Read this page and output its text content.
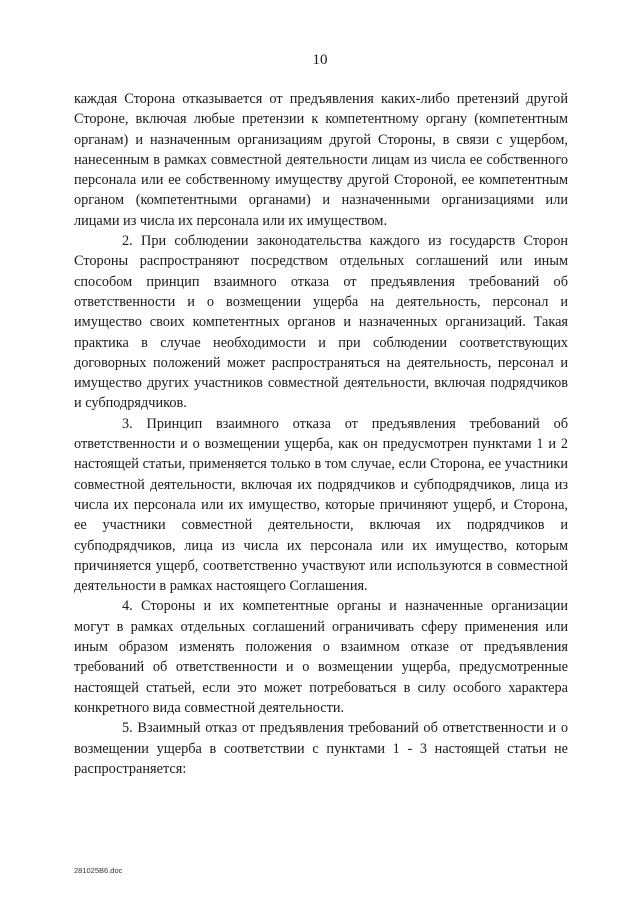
10

каждая Сторона отказывается от предъявления каких-либо претензий другой Стороне, включая любые претензии к компетентному органу (компетентным органам) и назначенным организациям другой Стороны, в связи с ущербом, нанесенным в рамках совместной деятельности лицам из числа ее собственного персонала или ее собственному имуществу другой Стороной, ее компетентным органом (компетентными органами) и назначенными организациями или лицами из числа их персонала или их имуществом.

2. При соблюдении законодательства каждого из государств Сторон Стороны распространяют посредством отдельных соглашений или иным способом принцип взаимного отказа от предъявления требований об ответственности и о возмещении ущерба на деятельность, персонал и имущество своих компетентных органов и назначенных организаций. Такая практика в случае необходимости и при соблюдении соответствующих договорных положений может распространяться на деятельность, персонал и имущество других участников совместной деятельности, включая подрядчиков и субподрядчиков.

3. Принцип взаимного отказа от предъявления требований об ответственности и о возмещении ущерба, как он предусмотрен пунктами 1 и 2 настоящей статьи, применяется только в том случае, если Сторона, ее участники совместной деятельности, включая их подрядчиков и субподрядчиков, лица из числа их персонала или их имущество, которые причиняют ущерб, и Сторона, ее участники совместной деятельности, включая их подрядчиков и субподрядчиков, лица из числа их персонала или их имущество, которым причиняется ущерб, соответственно участвуют или используются в совместной деятельности в рамках настоящего Соглашения.

4. Стороны и их компетентные органы и назначенные организации могут в рамках отдельных соглашений ограничивать сферу применения или иным образом изменять положения о взаимном отказе от предъявления требований об ответственности и о возмещении ущерба, предусмотренные настоящей статьей, если это может потребоваться в силу особого характера конкретного вида совместной деятельности.

5. Взаимный отказ от предъявления требований об ответственности и о возмещении ущерба в соответствии с пунктами 1 - 3 настоящей статьи не распространяется:

281025B6.doc
